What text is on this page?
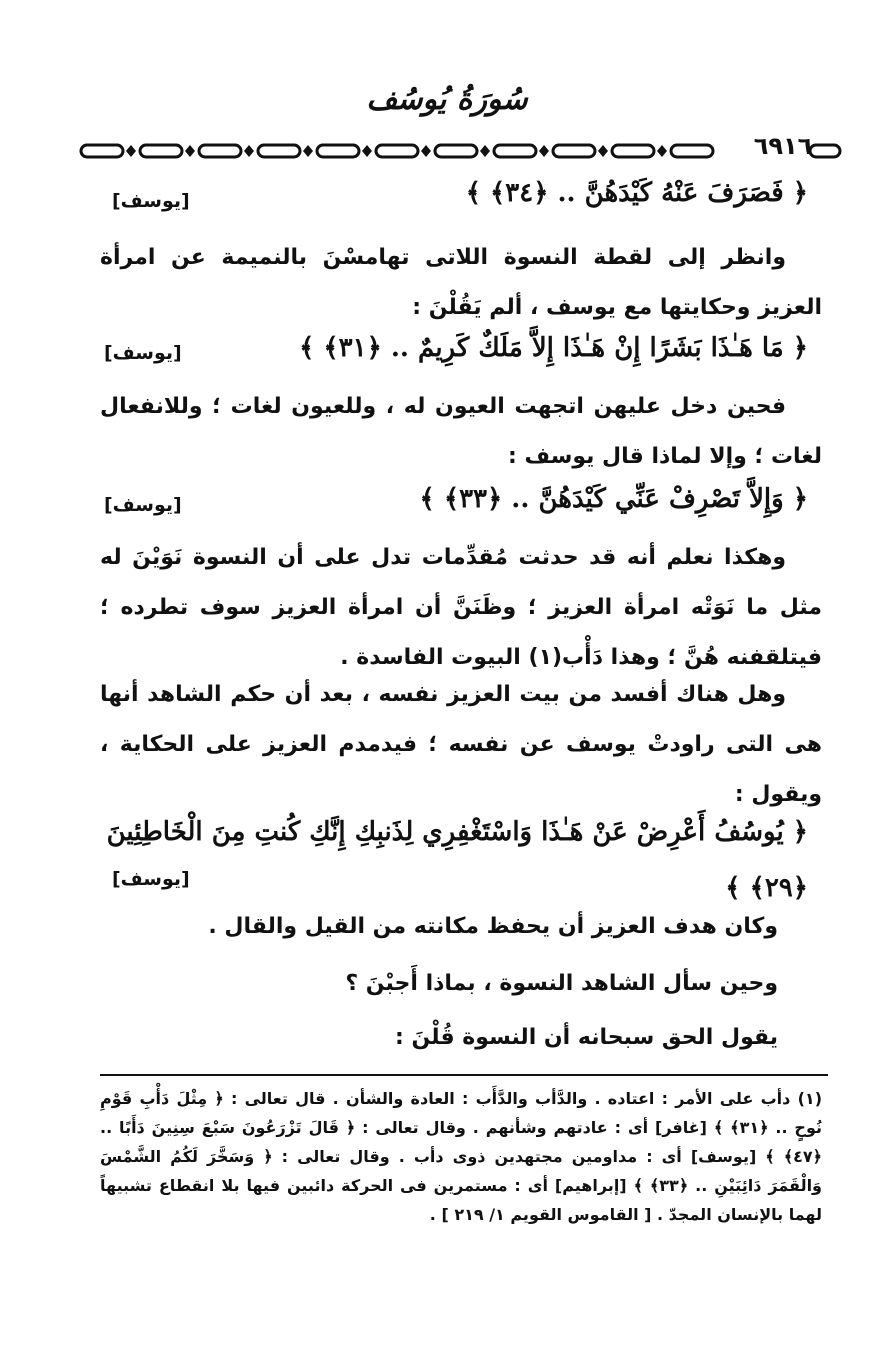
سُورَةُ يُوسُف
٦٩١٦
﴿ فَصَرَفَ عَنْهُ كَيْدَهُنَّ .. ﴿٣٤﴾ ﴾
[يوسف]
وانظر إلى لقطة النسوة اللاتى تهامسْنَ بالنميمة عن امرأة العزيز وحكايتها مع يوسف ، ألم يَقُلْنَ :
﴿ مَا هَـٰذَا بَشَرًا إِنْ هَـٰذَا إِلاَّ مَلَكٌ كَرِيمٌ .. ﴿٣١﴾ ﴾
[يوسف]
فحين دخل عليهن اتجهت العيون له ، وللعيون لغات ؛ وللانفعال لغات ؛ وإلا لماذا قال يوسف :
﴿ وَإِلاَّ تَصْرِفْ عَنِّي كَيْدَهُنَّ .. ﴿٣٣﴾ ﴾
[يوسف]
وهكذا نعلم أنه قد حدثت مُقدِّمات تدل على أن النسوة نَوَيْنَ له مثل ما نَوَتْه امرأة العزيز ؛ وظَنَنَّ أن امرأة العزيز سوف تطرده ؛ فيتلقفنه هُنَّ ؛ وهذا دَأْب(١) البيوت الفاسدة .
وهل هناك أفسد من بيت العزيز نفسه ، بعد أن حكم الشاهد أنها هى التى راودتْ يوسف عن نفسه ؛ فيدمدم العزيز على الحكاية ، ويقول :
﴿ يُوسُفُ أَعْرِضْ عَنْ هَـٰذَا وَاسْتَغْفِرِي لِذَنبِكِ إِنَّكِ كُنتِ مِنَ الْخَاطِئِينَ ﴿٢٩﴾ ﴾
[يوسف]
وكان هدف العزيز أن يحفظ مكانته من القيل والقال .
وحين سأل الشاهد النسوة ، بماذا أَجبْنَ ؟
يقول الحق سبحانه أن النسوة قُلْنَ :
(١) دأب على الأمر : اعتاده . والدَّأب والدَّأَب : العادة والشأن . قال تعالى : ﴿ مِثْلَ دَأْبِ قَوْمِ نُوحٍ .. ﴿٣١﴾ ﴾ [غافر] أى : عادتهم وشأنهم . وقال تعالى : ﴿ قَالَ تَزْرَعُونَ سَبْعَ سِنِينَ دَأَبًا .. ﴿٤٧﴾ ﴾ [يوسف] أى : مداومين مجتهدين ذوى دأب . وقال تعالى : ﴿ وَسَخَّرَ لَكُمُ الشَّمْسَ وَالْقَمَرَ دَائِبَيْنِ .. ﴿٣٣﴾ ﴾ [إبراهيم] أى : مستمرين فى الحركة دائبين فيها بلا انقطاع تشبيهاً لهما بالإنسان المجدّ . [ القاموس القويم ١/ ٢١٩ ] .
